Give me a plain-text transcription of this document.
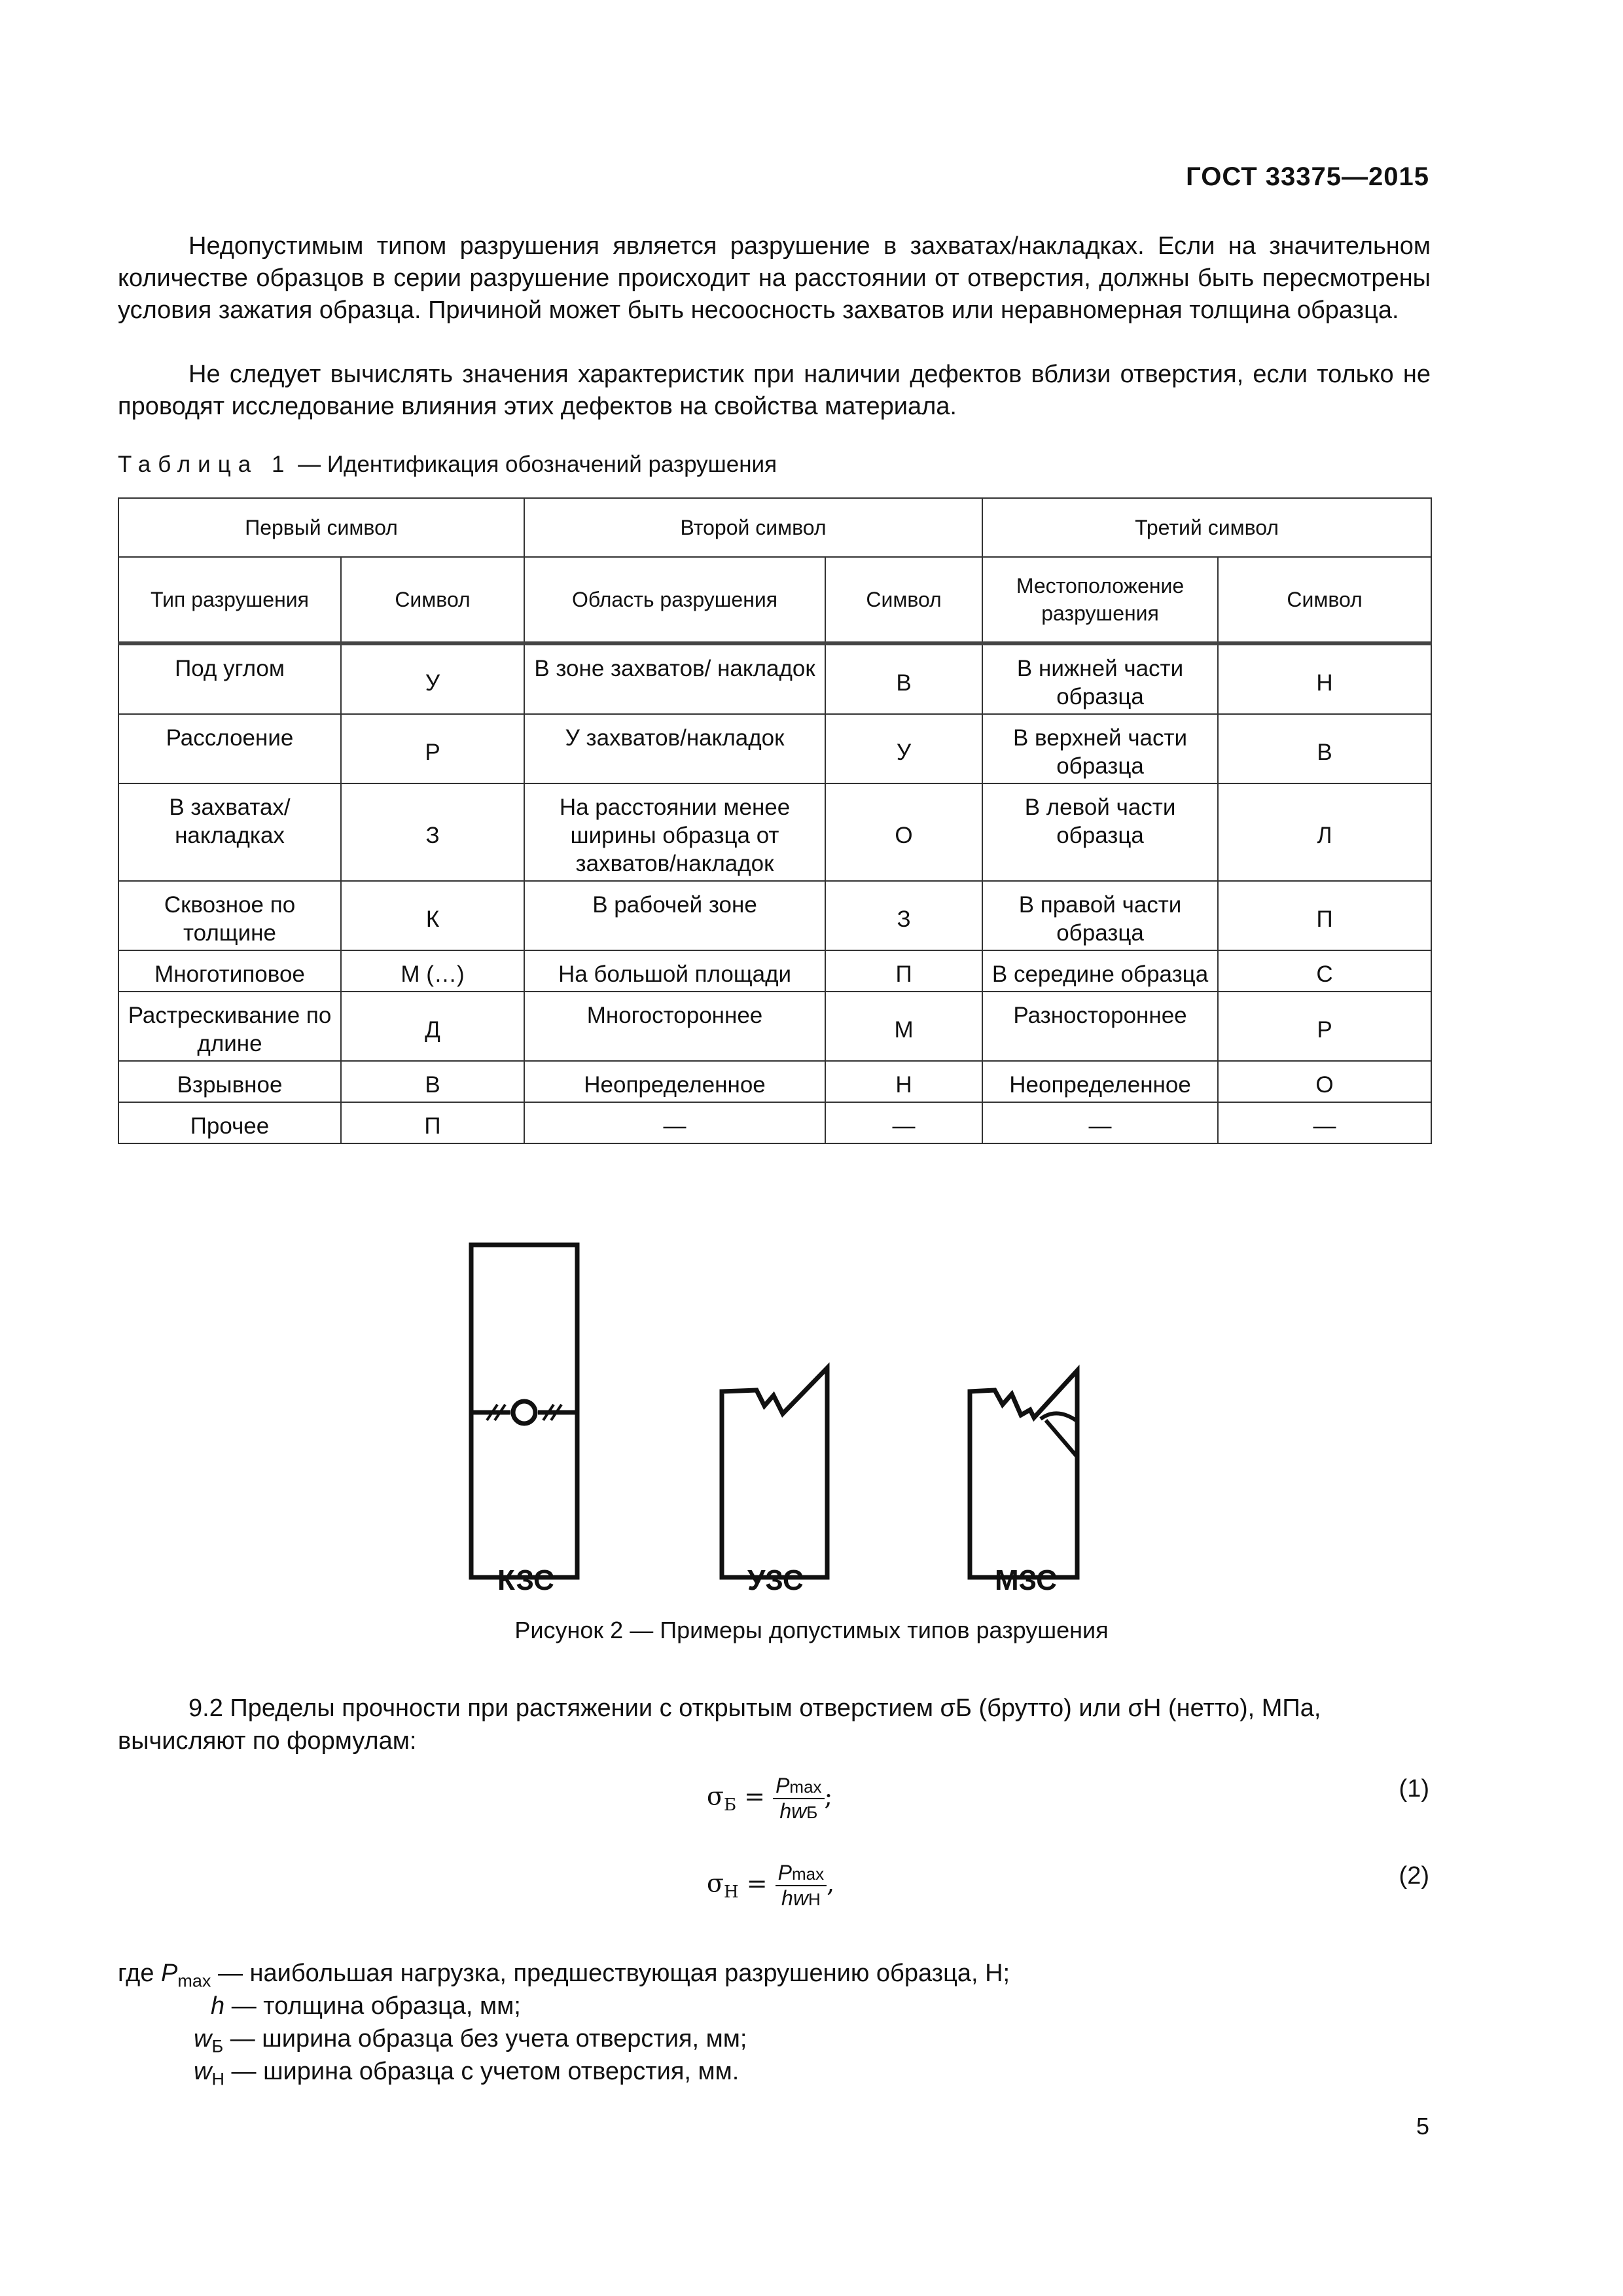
ГОСТ 33375—2015

Недопустимым типом разрушения является разрушение в захватах/накладках. Если на значительном количестве образцов в серии разрушение происходит на расстоянии от отверстия, должны быть пересмотрены условия зажатия образца. Причиной может быть несоосность захватов или неравномерная толщина образца.

Не следует вычислять значения характеристик при наличии дефектов вблизи отверстия, если только не проводят исследование влияния этих дефектов на свойства материала.

Таблица 1 — Идентификация обозначений разрушения
Первый символ		Второй символ		Третий символ	
Тип разрушения	Символ	Область разрушения	Символ	Местоположение разрушения	Символ
Под углом	У	В зоне захватов/ накладок	В	В нижней части образца	Н
Расслоение	Р	У захватов/накладок	У	В верхней части образца	В
В захватах/ накладках	З	На расстоянии менее ширины образца от захватов/накладок	О	В левой части образца	Л
Сквозное по толщине	К	В рабочей зоне	З	В правой части образца	П
Многотиповое	М (…)	На большой площади	П	В середине образца	С
Растрескивание по длине	Д	Многостороннее	М	Разностороннее	Р
Взрывное	В	Неопределенное	Н	Неопределенное	О
Прочее	П	—	—	—	—
КЗС	УЗС	МЗС
Рисунок 2 — Примеры допустимых типов разрушения

9.2 Пределы прочности при растяжении с открытым отверстием σБ (брутто) или σН (нетто), МПа, вычисляют по формулам:

$\sigma_Б = \frac{Pmax}{\text{hwБ}}$ ;	(1)
$\sigma_Н = \frac{Pmax}{\text{hwН}}$ ,	(2)
где $P_{max}$ — наибольшая нагрузка, предшествующая разрушению образца, Н;
h — толщина образца, мм;
$w_Б$ — ширина образца без учета отверстия, мм;
$w_Н$ — ширина образца с учетом отверстия, мм.
5
